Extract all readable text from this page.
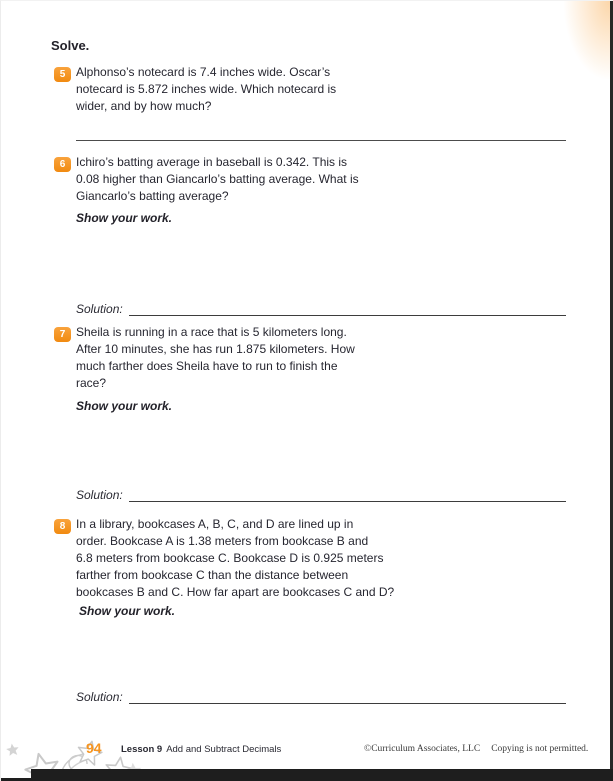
Solve.
5 Alphonso’s notecard is 7.4 inches wide. Oscar’s
notecard is 5.872 inches wide. Which notecard is
wider, and by how much?
6 Ichiro’s batting average in baseball is 0.342. This is
0.08 higher than Giancarlo’s batting average. What is
Giancarlo’s batting average?
Show your work.
Solution:
7 Sheila is running in a race that is 5 kilometers long.
After 10 minutes, she has run 1.875 kilometers. How
much farther does Sheila have to run to finish the
race?
Show your work.
Solution:
8 In a library, bookcases A, B, C, and D are lined up in
order. Bookcase A is 1.38 meters from bookcase B and
6.8 meters from bookcase C. Bookcase D is 0.925 meters
farther from bookcase C than the distance between
bookcases B and C. How far apart are bookcases C and D?
Show your work.
Solution:
94 Lesson 9 Add and Subtract Decimals	©Curriculum Associates, LLC Copying is not permitted.
